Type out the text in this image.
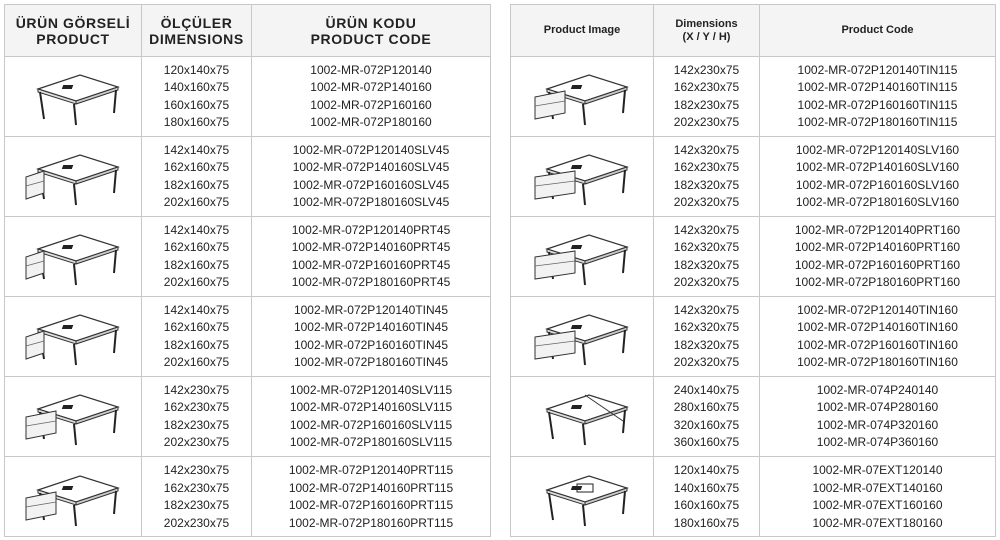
ÜRÜN GÖRSELİ
PRODUCT
ÖLÇÜLER
DIMENSIONS
ÜRÜN KODU
PRODUCT CODE
120x140x75
140x160x75
160x160x75
180x160x75
1002-MR-072P120140
1002-MR-072P140160
1002-MR-072P160160
1002-MR-072P180160
142x140x75
162x160x75
182x160x75
202x160x75
1002-MR-072P120140SLV45
1002-MR-072P140160SLV45
1002-MR-072P160160SLV45
1002-MR-072P180160SLV45
142x140x75
162x160x75
182x160x75
202x160x75
1002-MR-072P120140PRT45
1002-MR-072P140160PRT45
1002-MR-072P160160PRT45
1002-MR-072P180160PRT45
142x140x75
162x160x75
182x160x75
202x160x75
1002-MR-072P120140TIN45
1002-MR-072P140160TIN45
1002-MR-072P160160TIN45
1002-MR-072P180160TIN45
142x230x75
162x230x75
182x230x75
202x230x75
1002-MR-072P120140SLV115
1002-MR-072P140160SLV115
1002-MR-072P160160SLV115
1002-MR-072P180160SLV115
142x230x75
162x230x75
182x230x75
202x230x75
1002-MR-072P120140PRT115
1002-MR-072P140160PRT115
1002-MR-072P160160PRT115
1002-MR-072P180160PRT115
Product Image
Dimensions
(X / Y / H)
Product Code
142x230x75
162x230x75
182x230x75
202x230x75
1002-MR-072P120140TIN115
1002-MR-072P140160TIN115
1002-MR-072P160160TIN115
1002-MR-072P180160TIN115
142x320x75
162x230x75
182x320x75
202x320x75
1002-MR-072P120140SLV160
1002-MR-072P140160SLV160
1002-MR-072P160160SLV160
1002-MR-072P180160SLV160
142x320x75
162x320x75
182x320x75
202x320x75
1002-MR-072P120140PRT160
1002-MR-072P140160PRT160
1002-MR-072P160160PRT160
1002-MR-072P180160PRT160
142x320x75
162x320x75
182x320x75
202x320x75
1002-MR-072P120140TIN160
1002-MR-072P140160TIN160
1002-MR-072P160160TIN160
1002-MR-072P180160TIN160
240x140x75
280x160x75
320x160x75
360x160x75
1002-MR-074P240140
1002-MR-074P280160
1002-MR-074P320160
1002-MR-074P360160
120x140x75
140x160x75
160x160x75
180x160x75
1002-MR-07EXT120140
1002-MR-07EXT140160
1002-MR-07EXT160160
1002-MR-07EXT180160
